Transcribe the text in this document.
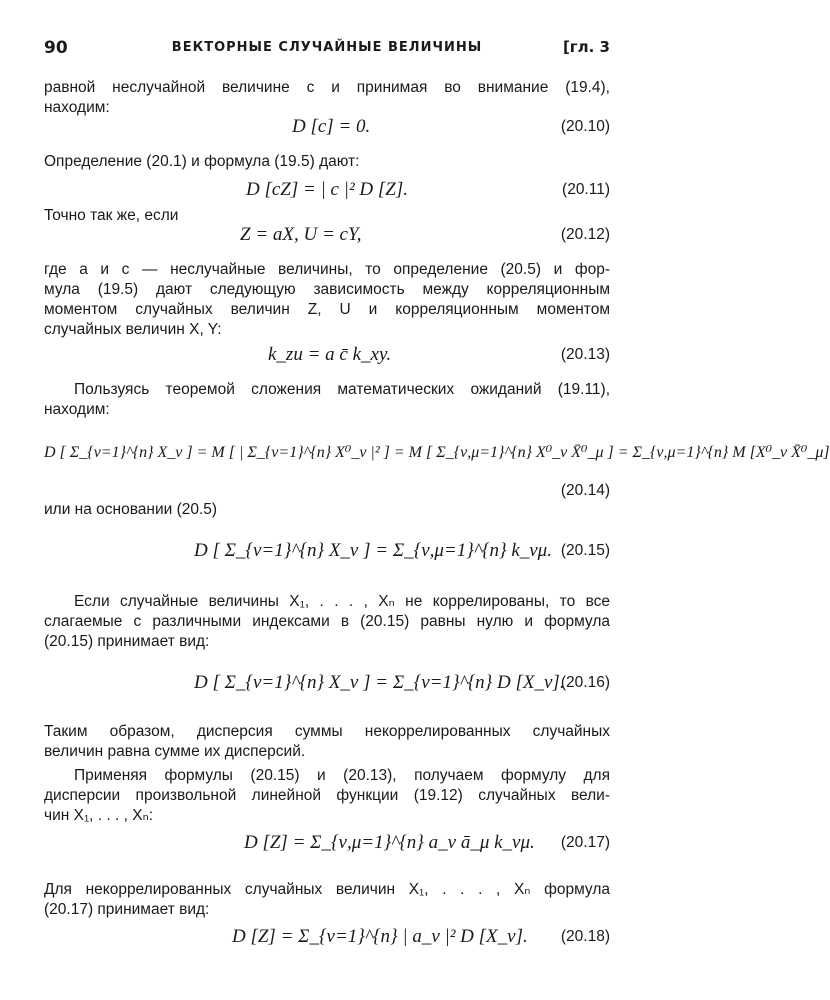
90	ВЕКТОРНЫЕ СЛУЧАЙНЫЕ ВЕЛИЧИНЫ	[гл. 3
равной неслучайной величине c и принимая во внимание (19.4),
находим:
D [c] = 0.	(20.10)
Определение (20.1) и формула (19.5) дают:
D [cZ] = | c |² D [Z].	(20.11)
Точно так же, если
Z = aX, U = cY,	(20.12)
где a и c — неслучайные величины, то определение (20.5) и фор-
мула (19.5) дают следующую зависимость между корреляционным
моментом случайных величин Z, U и корреляционным моментом
случайных величин X, Y:
k_zu = a c̄ k_xy.	(20.13)
Пользуясь теоремой сложения математических ожиданий (19.11),
находим:
D [ Σ_{ν=1}^{n} X_ν ] = M [ | Σ_{ν=1}^{n} X⁰_ν |² ] = M [ Σ_{ν,μ=1}^{n} X⁰_ν X̄⁰_μ ] = Σ_{ν,μ=1}^{n} M [X⁰_ν X̄⁰_μ]
(20.14)
или на основании (20.5)
D [ Σ_{ν=1}^{n} X_ν ] = Σ_{ν,μ=1}^{n} k_νμ. (20.15)
Если случайные величины X₁, . . . , Xₙ не коррелированы, то все
слагаемые с различными индексами в (20.15) равны нулю и формула
(20.15) принимает вид:
D [ Σ_{ν=1}^{n} X_ν ] = Σ_{ν=1}^{n} D [X_ν].
(20.16)
Таким образом, дисперсия суммы некоррелированных случайных
величин равна сумме их дисперсий.
Применяя формулы (20.15) и (20.13), получаем формулу для
дисперсии произвольной линейной функции (19.12) случайных вели-
чин X₁, . . . , Xₙ:
D [Z] = Σ_{ν,μ=1}^{n} a_ν ā_μ k_νμ. (20.17)
Для некоррелированных случайных величин X₁, . . . , Xₙ формула
(20.17) принимает вид:
D [Z] = Σ_{ν=1}^{n} | a_ν |² D [X_ν]. (20.18)
